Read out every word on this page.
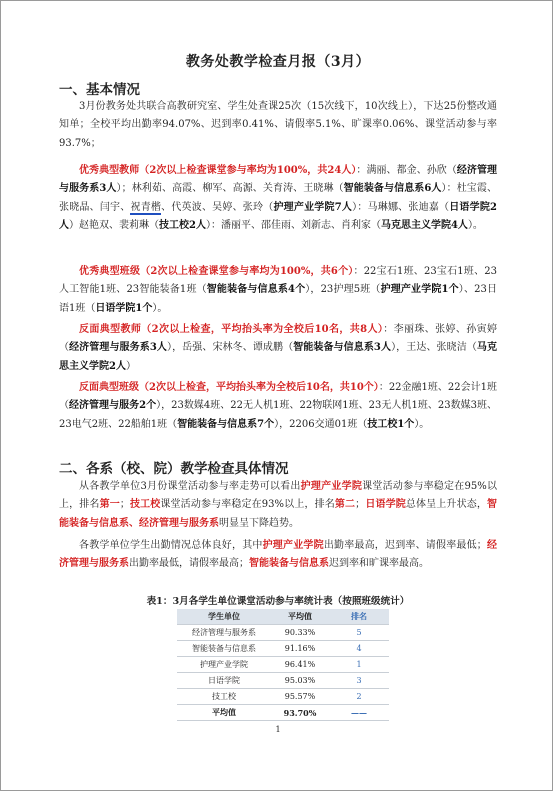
教务处教学检查月报（3月）
一、基本情况
3月份教务处共联合高教研究室、学生处查课25次（15次线下，10次线上），下达25份整改通知单；全校平均出勤率94.07%、迟到率0.41%、请假率5.1%、旷课率0.06%、课堂活动参与率93.7%；
优秀典型教师（2次以上检查课堂参与率均为100%，共24人）：满丽、都金、孙欣（经济管理与服务系3人）；林利茹、高霞、柳军、高源、关育涛、王晓琳（智能装备与信息系6人）：杜宝霞、张晓晶、闫宇、祝青楷、代英波、吴婷、张玲（护理产业学院7人）：马琳娜、张迪嘉（日语学院2人）赵艳双、裴莉琳（技工校2人）：潘丽平、邵佳雨、刘新志、肖利家（马克思主义学院4人）。
优秀典型班级（2次以上检查课堂参与率均为100%，共6个）：22宝石1班、23宝石1班、23人工智能1班、23智能装备1班（智能装备与信息系4个），23护理5班（护理产业学院1个）、23日语1班（日语学院1个）。
反面典型教师（2次以上检查，平均抬头率为全校后10名，共8人）：李丽珠、张婷、孙寅婷（经济管理与服务系3人），岳强、宋林冬、谭成鹏（智能装备与信息系3人），王达、张晓洁（马克思主义学院2人）
反面典型班级（2次以上检查，平均抬头率为全校后10名，共10个）：22金融1班、22会计1班（经济管理与服务2个），23数媒4班、22无人机1班、22物联网1班、23无人机1班、23数媒3班、23电气2班、22船舶1班（智能装备与信息系7个），2206交通01班（技工校1个）。
二、各系（校、院）教学检查具体情况
从各教学单位3月份课堂活动参与率走势可以看出护理产业学院课堂活动参与率稳定在95%以上，排名第一；技工校课堂活动参与率稳定在93%以上，排名第二；日语学院总体呈上升状态，智能装备与信息系、经济管理与服务系明显呈下降趋势。
各教学单位学生出勤情况总体良好，其中护理产业学院出勤率最高，迟到率、请假率最低；经济管理与服务系出勤率最低，请假率最高；智能装备与信息系迟到率和旷课率最高。
表1：3月各学生单位课堂活动参与率统计表（按照班级统计）
学生单位	平均值	排名
经济管理与服务系	90.33%	5
智能装备与信息系	91.16%	4
护理产业学院	96.41%	1
日语学院	95.03%	3
技工校	95.57%	2
平均值	93.70%	——
1
